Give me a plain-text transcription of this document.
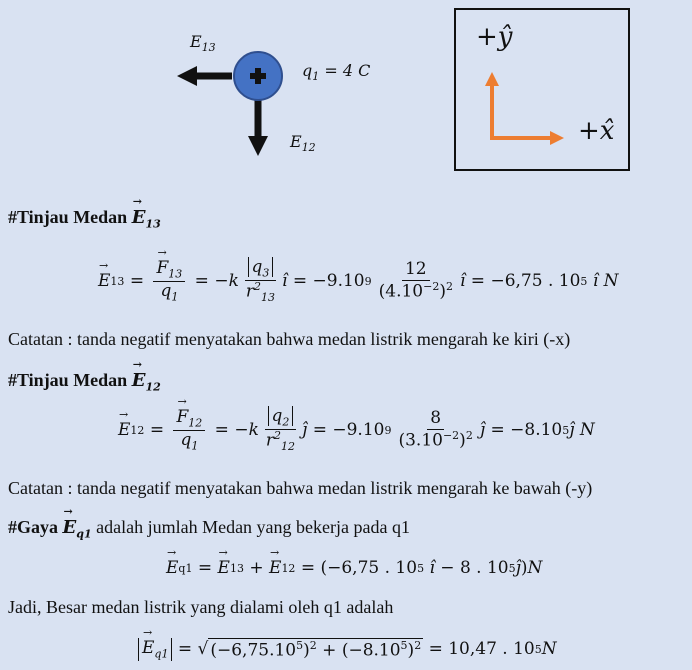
$E_{13}$
$E_{12}$
$q_1 = 4$ C
+ŷ
+x̂
#Tinjau Medan → $E_{13}$
→ E 13 = → $\frac{F_{13}}{q_1}$ = − k $\frac{q_3}{r^2_{13}}$ î = −9.10 $9 \frac{12}{(4.10^{-2})^2}$ î = −6,75 . 10 5
î N
Catatan : tanda negatif menyatakan bahwa medan listrik mengarah ke kiri (-x)
#Tinjau Medan → $E_{12}$
→ E 12 = → $\frac{F_{12}}{q_1}$ = − k $\frac{q_2}{r^2_{12}}$ ĵ = −9.10 $9 \frac{8}{(3.10^{-2})^2}$ ĵ = −8.10 5 ĵ N
Catatan : tanda negatif menyatakan bahwa medan listrik mengarah ke bawah (-y)
#Gaya → $E_{q1}$ adalah jumlah Medan yang bekerja pada q1
→ E q1 = → E 13 + → E 12 = (−6,75 . 10 5
î − 8 . 10 5 ĵ ) N
Jadi, Besar medan listrik yang dialami oleh q1 adalah
→ $E_{q1}$ = √ $(-6,75.10^5)^2 + (-8.10^5)^2 = 10,47$ . 10 5 N
